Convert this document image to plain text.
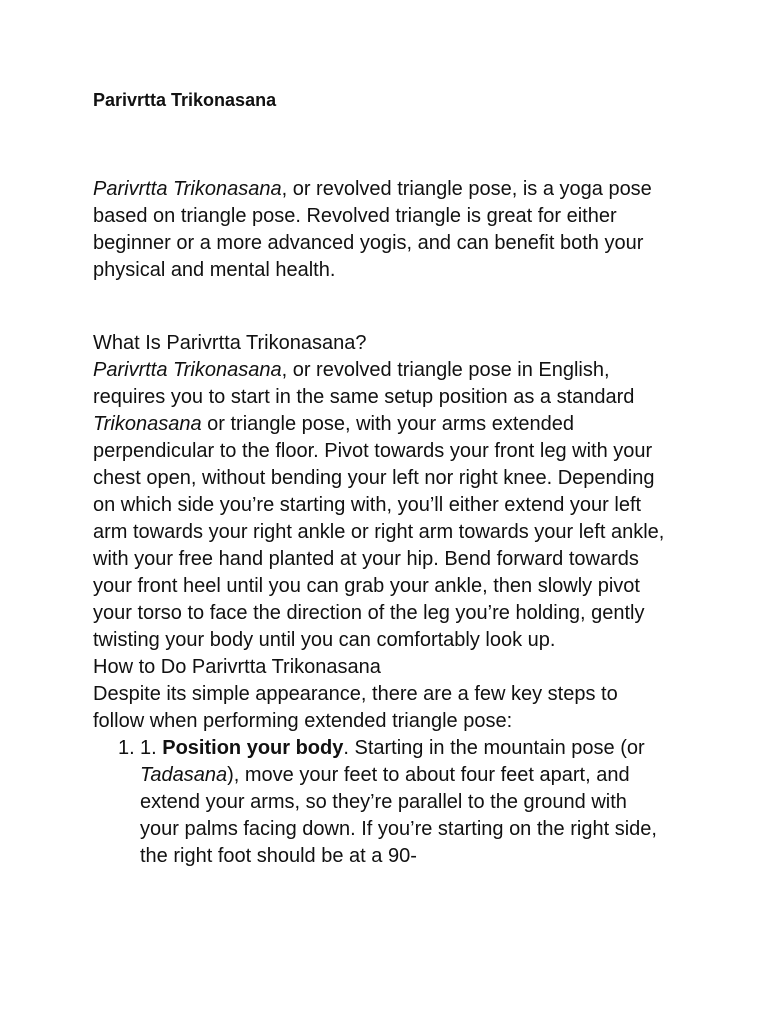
Parivrtta Trikonasana

Parivrtta Trikonasana, or revolved triangle pose, is a yoga pose based on triangle pose. Revolved triangle is great for either beginner or a more advanced yogis, and can benefit both your physical and mental health.

What Is Parivrtta Trikonasana?

Parivrtta Trikonasana, or revolved triangle pose in English, requires you to start in the same setup position as a standard Trikonasana or triangle pose, with your arms extended perpendicular to the floor. Pivot towards your front leg with your chest open, without bending your left nor right knee. Depending on which side you’re starting with, you’ll either extend your left arm towards your right ankle or right arm towards your left ankle, with your free hand planted at your hip. Bend forward towards your front heel until you can grab your ankle, then slowly pivot your torso to face the direction of the leg you’re holding, gently twisting your body until you can comfortably look up.

How to Do Parivrtta Trikonasana

Despite its simple appearance, there are a few key steps to follow when performing extended triangle pose:

1. 1. Position your body. Starting in the mountain pose (or Tadasana), move your feet to about four feet apart, and extend your arms, so they’re parallel to the ground with your palms facing down. If you’re starting on the right side, the right foot should be at a 90-
